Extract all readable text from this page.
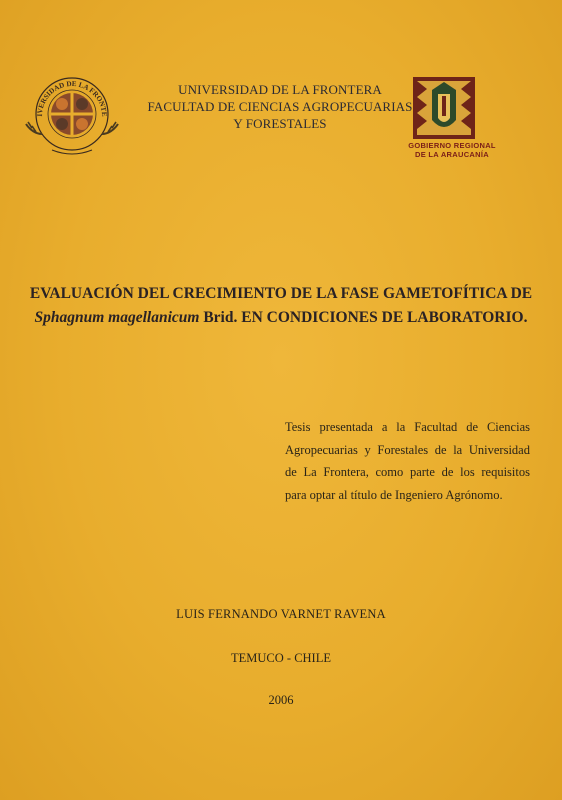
IVERSIDAD DE LA FRONTE
UNIVERSIDAD DE LA FRONTERA
FACULTAD DE CIENCIAS AGROPECUARIAS
Y FORESTALES
GOBIERNO REGIONAL
DE LA ARAUCANÍA
EVALUACIÓN DEL CRECIMIENTO DE LA FASE GAMETOFÍTICA DE
Sphagnum magellanicum Brid. EN CONDICIONES DE LABORATORIO.
Tesis presentada a la Facultad de Ciencias
Agropecuarias y Forestales de la Universidad
de La Frontera, como parte de los requisitos
para optar al título de Ingeniero Agrónomo.
LUIS FERNANDO VARNET RAVENA
TEMUCO - CHILE
2006
